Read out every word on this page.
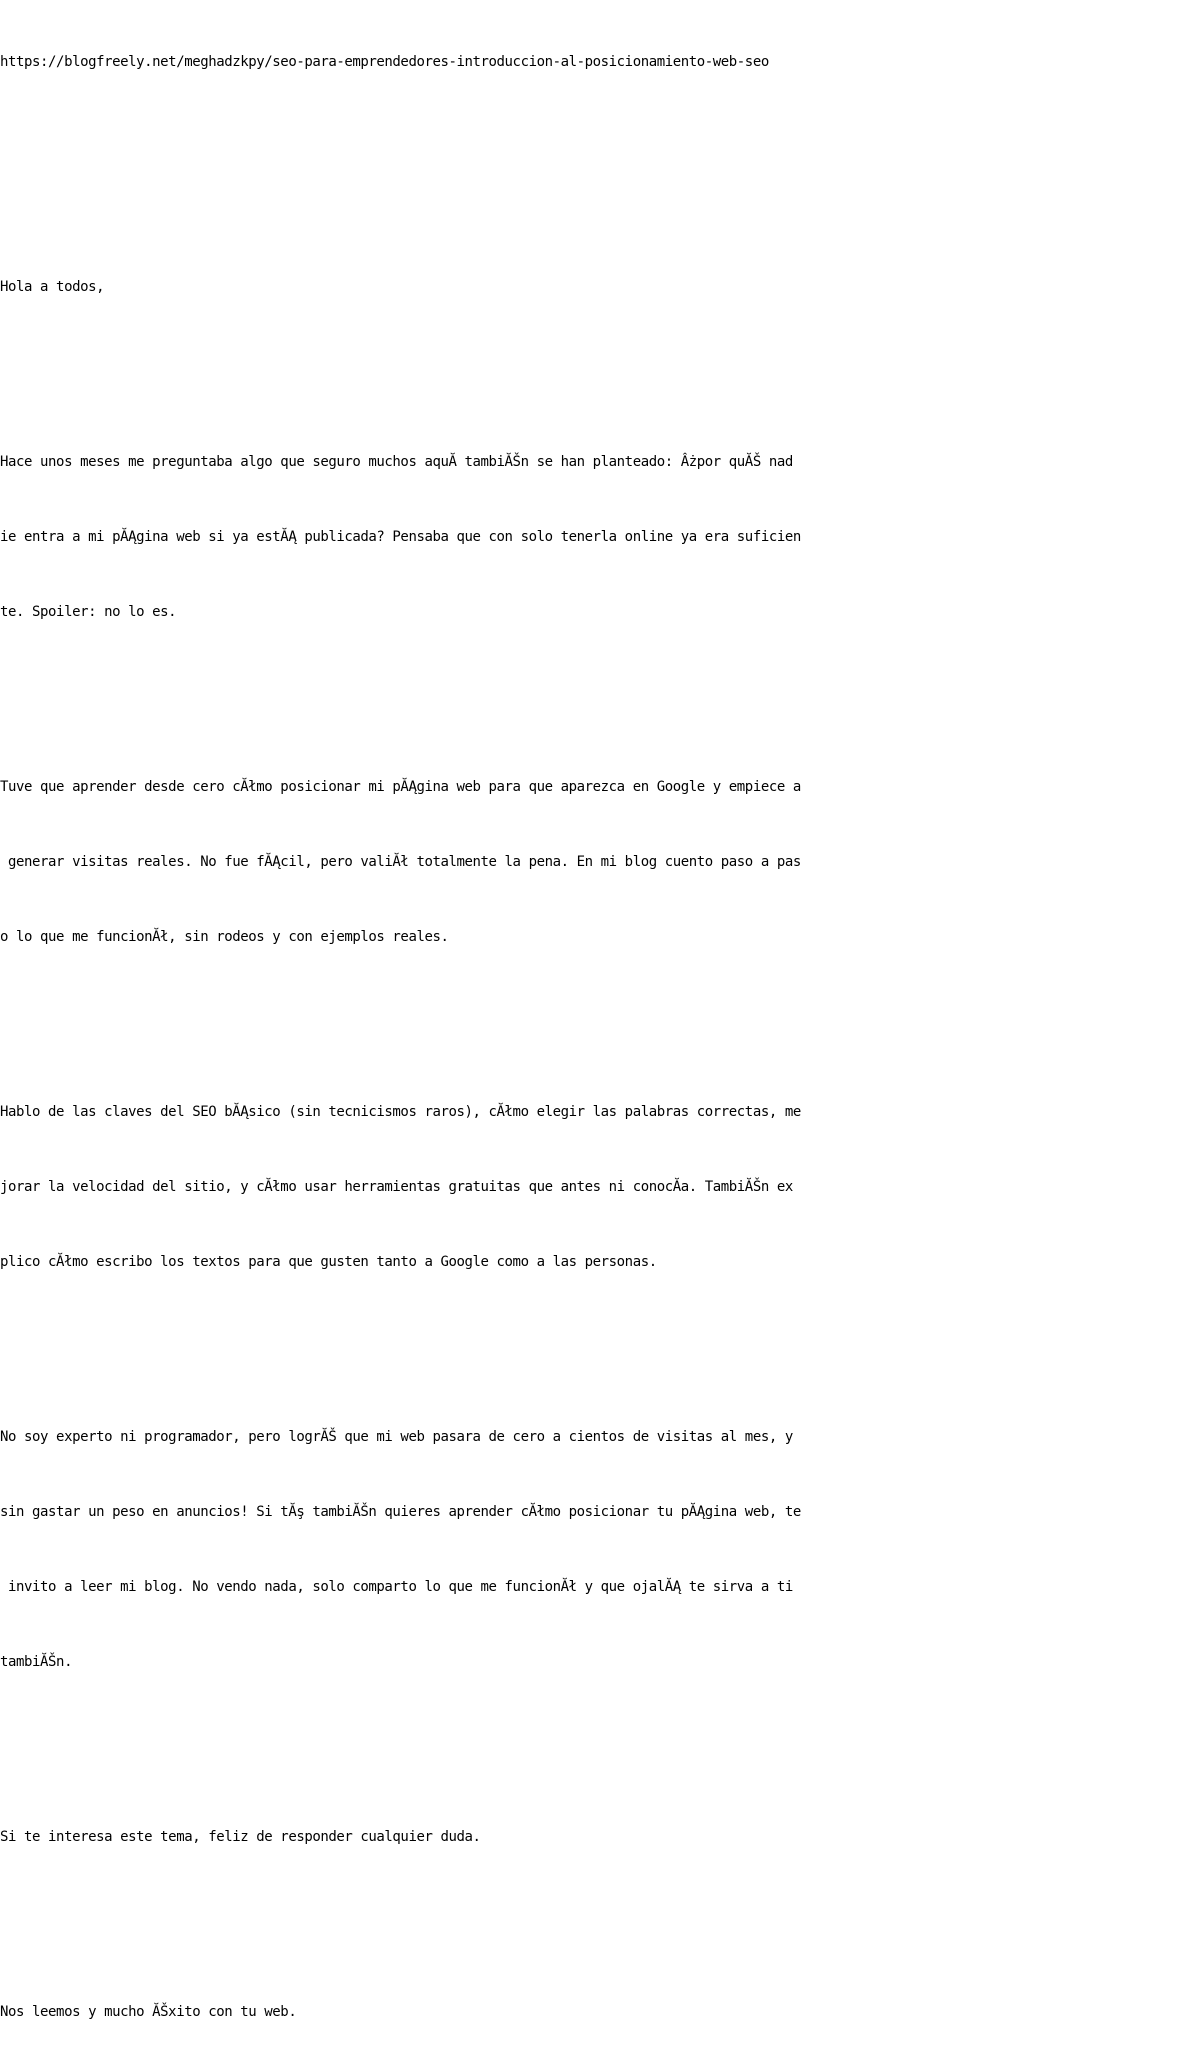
https://blogfreely.net/meghadzkpy/seo-para-emprendedores-introduccion-al-posicionamiento-web-seo

Hola a todos,

Hace unos meses me preguntaba algo que seguro muchos aquĂ tambiĂŠn se han planteado: Âżpor quĂŠ nad

ie entra a mi pĂĄgina web si ya estĂĄ publicada? Pensaba que con solo tenerla online ya era suficien

te. Spoiler: no lo es.

Tuve que aprender desde cero cĂłmo posicionar mi pĂĄgina web para que aparezca en Google y empiece a

generar visitas reales. No fue fĂĄcil, pero valiĂł totalmente la pena. En mi blog cuento paso a pas

o lo que me funcionĂł, sin rodeos y con ejemplos reales.

Hablo de las claves del SEO bĂĄsico (sin tecnicismos raros), cĂłmo elegir las palabras correctas, me

jorar la velocidad del sitio, y cĂłmo usar herramientas gratuitas que antes ni conocĂa. TambiĂŠn ex

plico cĂłmo escribo los textos para que gusten tanto a Google como a las personas.

No soy experto ni programador, pero logrĂŠ que mi web pasara de cero a cientos de visitas al mes, y

sin gastar un peso en anuncios! Si tĂş tambiĂŠn quieres aprender cĂłmo posicionar tu pĂĄgina web, te

invito a leer mi blog. No vendo nada, solo comparto lo que me funcionĂł y que ojalĂĄ te sirva a ti

tambiĂŠn.

Si te interesa este tema, feliz de responder cualquier duda.

Nos leemos y mucho ĂŠxito con tu web.
